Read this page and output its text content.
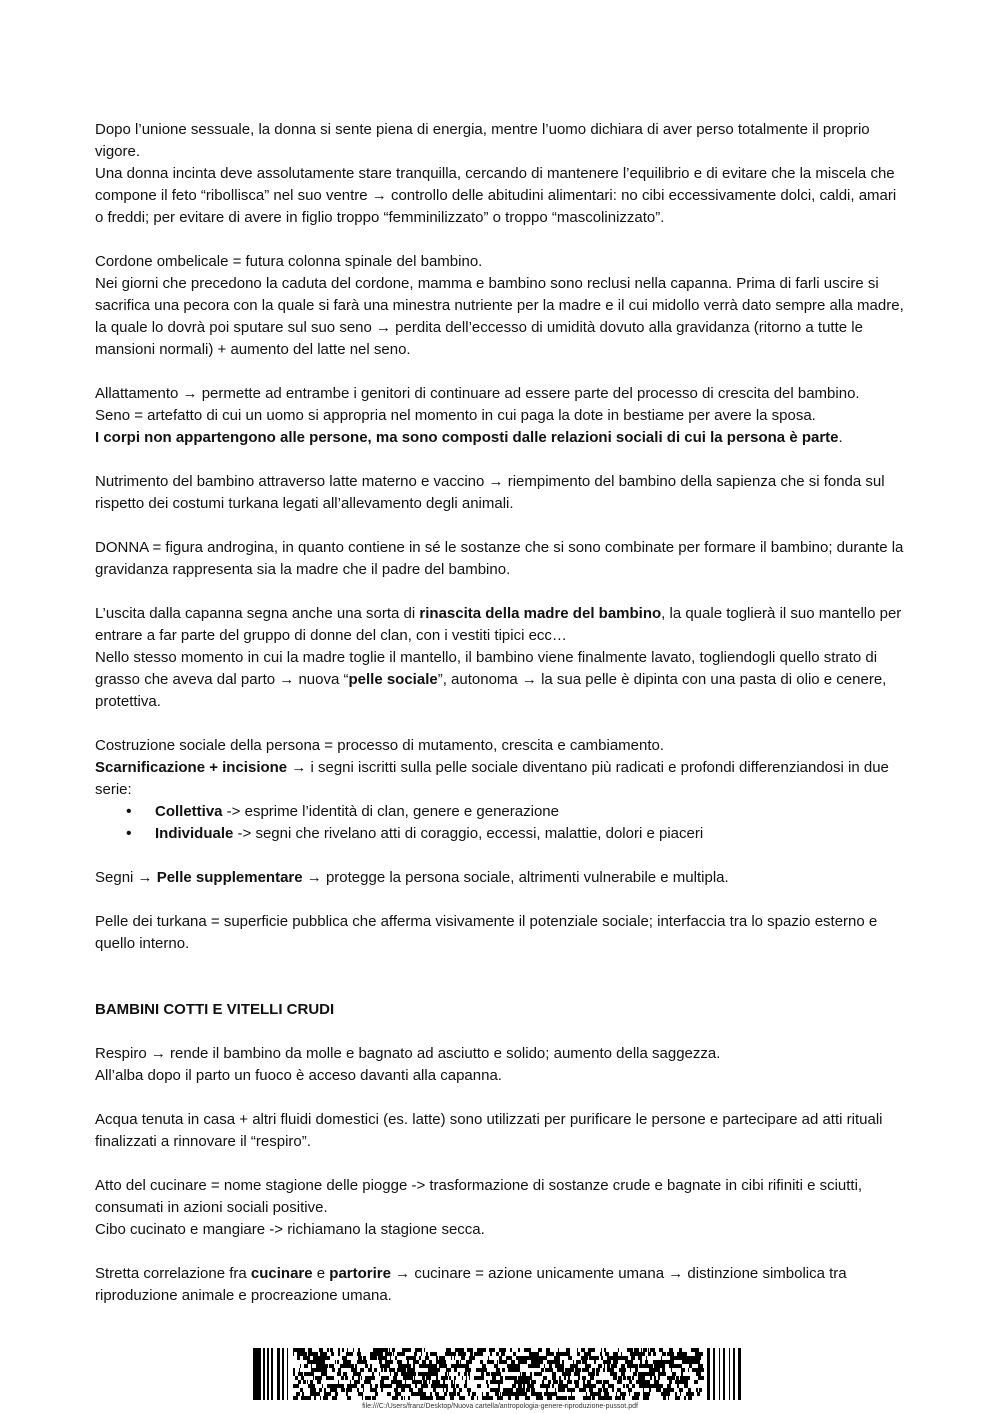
Dopo l’unione sessuale, la donna si sente piena di energia, mentre l’uomo dichiara di aver perso totalmente il proprio vigore.

Una donna incinta deve assolutamente stare tranquilla, cercando di mantenere l’equilibrio e di evitare che la miscela che compone il feto “ribollisca” nel suo ventre → controllo delle abitudini alimentari: no cibi eccessivamente dolci, caldi, amari o freddi; per evitare di avere in figlio troppo “femminilizzato” o troppo “mascolinizzato”.

Cordone ombelicale = futura colonna spinale del bambino.

Nei giorni che precedono la caduta del cordone, mamma e bambino sono reclusi nella capanna. Prima di farli uscire si sacrifica una pecora con la quale si farà una minestra nutriente per la madre e il cui midollo verrà dato sempre alla madre, la quale lo dovrà poi sputare sul suo seno → perdita dell’eccesso di umidità dovuto alla gravidanza (ritorno a tutte le mansioni normali) + aumento del latte nel seno.

Allattamento → permette ad entrambe i genitori di continuare ad essere parte del processo di crescita del bambino.

Seno = artefatto di cui un uomo si appropria nel momento in cui paga la dote in bestiame per avere la sposa.

I corpi non appartengono alle persone, ma sono composti dalle relazioni sociali di cui la persona è parte.

Nutrimento del bambino attraverso latte materno e vaccino → riempimento del bambino della sapienza che si fonda sul rispetto dei costumi turkana legati all’allevamento degli animali.

DONNA = figura androgina, in quanto contiene in sé le sostanze che si sono combinate per formare il bambino; durante la gravidanza rappresenta sia la madre che il padre del bambino.

L’uscita dalla capanna segna anche una sorta di rinascita della madre del bambino, la quale toglierà il suo mantello per entrare a far parte del gruppo di donne del clan, con i vestiti tipici ecc…

Nello stesso momento in cui la madre toglie il mantello, il bambino viene finalmente lavato, togliendogli quello strato di grasso che aveva dal parto → nuova “pelle sociale”, autonoma → la sua pelle è dipinta con una pasta di olio e cenere, protettiva.

Costruzione sociale della persona = processo di mutamento, crescita e cambiamento.

Scarnificazione + incisione → i segni iscritti sulla pelle sociale diventano più radicati e profondi differenziandosi in due serie:

• Collettiva -> esprime l’identità di clan, genere e generazione
• Individuale -> segni che rivelano atti di coraggio, eccessi, malattie, dolori e piaceri

Segni → Pelle supplementare → protegge la persona sociale, altrimenti vulnerabile e multipla.

Pelle dei turkana = superficie pubblica che afferma visivamente il potenziale sociale; interfaccia tra lo spazio esterno e quello interno.

BAMBINI COTTI E VITELLI CRUDI

Respiro → rende il bambino da molle e bagnato ad asciutto e solido; aumento della saggezza.

All’alba dopo il parto un fuoco è acceso davanti alla capanna.

Acqua tenuta in casa + altri fluidi domestici (es. latte) sono utilizzati per purificare le persone e partecipare ad atti rituali finalizzati a rinnovare il “respiro”.

Atto del cucinare = nome stagione delle piogge -> trasformazione di sostanze crude e bagnate in cibi rifiniti e sciutti, consumati in azioni sociali positive.

Cibo cucinato e mangiare -> richiamano la stagione secca.

Stretta correlazione fra cucinare e partorire → cucinare = azione unicamente umana → distinzione simbolica tra riproduzione animale e procreazione umana.

file:///C:/Users/franz/Desktop/Nuova cartella/antropologia-genere-riproduzione-pussot.pdf
